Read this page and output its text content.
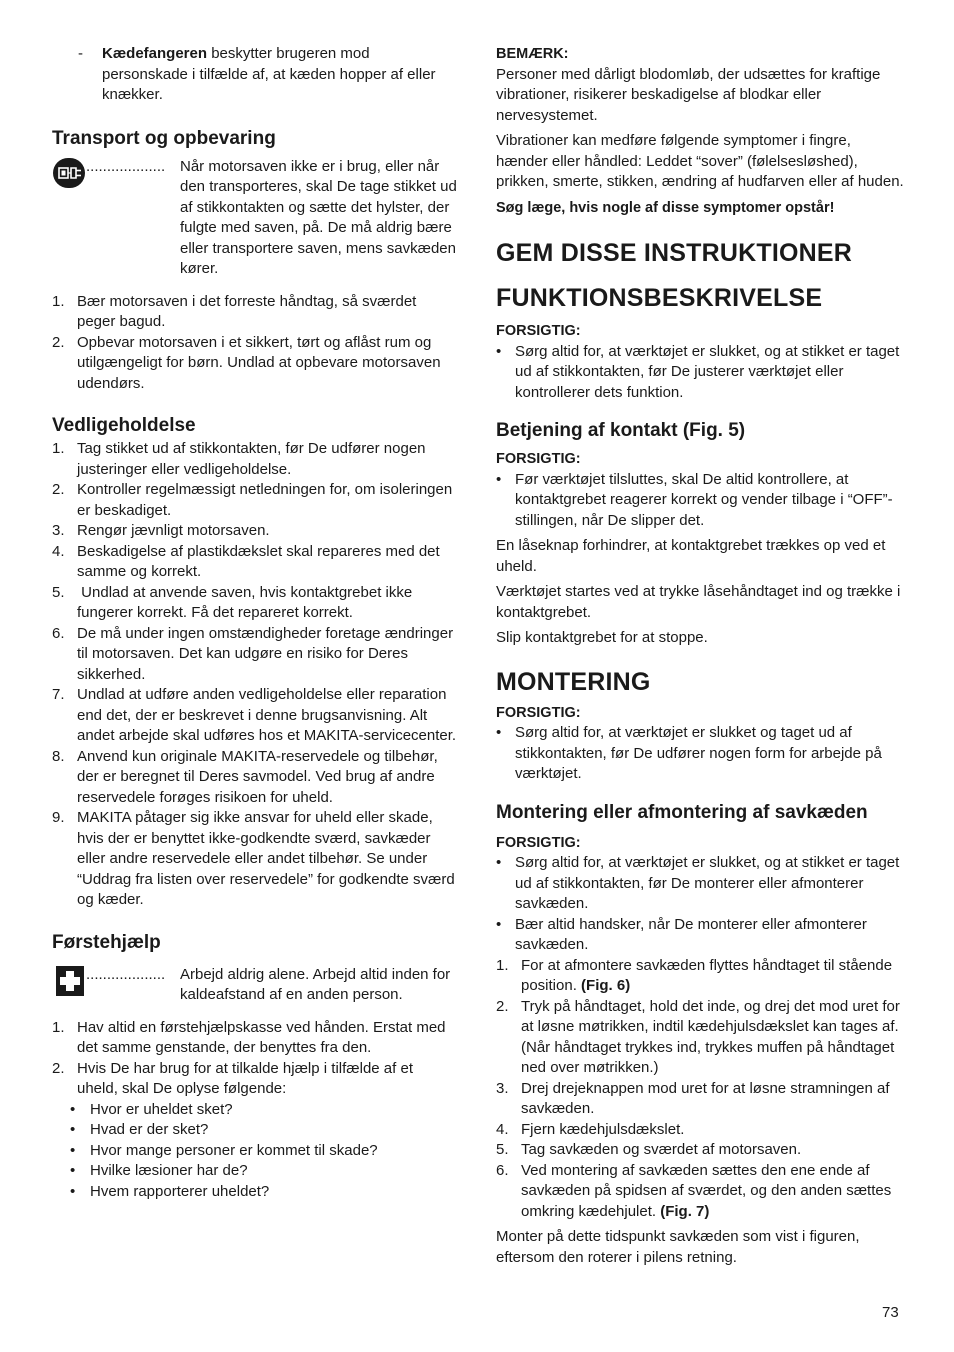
-	Kædefangeren beskytter brugeren mod personskade i tilfælde af, at kæden hopper af eller knækker.
Transport og opbevaring
................... Når motorsaven ikke er i brug, eller når den transporteres, skal De tage stikket ud af stikkontakten og sætte det hylster, der fulgte med saven, på. De må aldrig bære eller transportere saven, mens savkæden kører.
1. Bær motorsaven i det forreste håndtag, så sværdet peger bagud.
2. Opbevar motorsaven i et sikkert, tørt og aflåst rum og utilgængeligt for børn. Undlad at opbevare motorsaven udendørs.
Vedligeholdelse
1. Tag stikket ud af stikkontakten, før De udfører nogen justeringer eller vedligeholdelse.
2. Kontroller regelmæssigt netledningen for, om isoleringen er beskadiget.
3. Rengør jævnligt motorsaven.
4. Beskadigelse af plastikdækslet skal repareres med det samme og korrekt.
5. Undlad at anvende saven, hvis kontaktgrebet ikke fungerer korrekt. Få det repareret korrekt.
6. De må under ingen omstændigheder foretage ændringer til motorsaven. Det kan udgøre en risiko for Deres sikkerhed.
7. Undlad at udføre anden vedligeholdelse eller reparation end det, der er beskrevet i denne brugsanvisning. Alt andet arbejde skal udføres hos et MAKITA-servicecenter.
8. Anvend kun originale MAKITA-reservedele og tilbehør, der er beregnet til Deres savmodel. Ved brug af andre reservedele forøges risikoen for uheld.
9. MAKITA påtager sig ikke ansvar for uheld eller skade, hvis der er benyttet ikke-godkendte sværd, savkæder eller andre reservedele eller andet tilbehør. Se under “Uddrag fra listen over reservedele” for godkendte sværd og kæder.
Førstehjælp
................... Arbejd aldrig alene. Arbejd altid inden for kaldeafstand af en anden person.
1. Hav altid en førstehjælpskasse ved hånden. Erstat med det samme genstande, der benyttes fra den.
2. Hvis De har brug for at tilkalde hjælp i tilfælde af et uheld, skal De oplyse følgende:
• Hvor er uheldet sket?
• Hvad er der sket?
• Hvor mange personer er kommet til skade?
• Hvilke læsioner har de?
• Hvem rapporterer uheldet?

BEMÆRK:

Personer med dårligt blodomløb, der udsættes for kraftige vibrationer, risikerer beskadigelse af blodkar eller nervesystemet.

Vibrationer kan medføre følgende symptomer i fingre, hænder eller håndled: Leddet “sover” (følelsesløshed), prikken, smerte, stikken, ændring af hudfarven eller af huden.

Søg læge, hvis nogle af disse symptomer opstår!

GEM DISSE INSTRUKTIONER
FUNKTIONSBESKRIVELSE

FORSIGTIG:

• Sørg altid for, at værktøjet er slukket, og at stikket er taget ud af stikkontakten, før De justerer værktøjet eller kontrollerer dets funktion.
Betjening af kontakt (Fig. 5)

FORSIGTIG:

• Før værktøjet tilsluttes, skal De altid kontrollere, at kontaktgrebet reagerer korrekt og vender tilbage i “OFF”-stillingen, når De slipper det.

En låseknap forhindrer, at kontaktgrebet trækkes op ved et uheld.

Værktøjet startes ved at trykke låsehåndtaget ind og trække i kontaktgrebet.

Slip kontaktgrebet for at stoppe.

MONTERING

FORSIGTIG:

• Sørg altid for, at værktøjet er slukket og taget ud af stikkontakten, før De udfører nogen form for arbejde på værktøjet.
Montering eller afmontering af savkæden

FORSIGTIG:

• Sørg altid for, at værktøjet er slukket, og at stikket er taget ud af stikkontakten, før De monterer eller afmonterer savkæden.
• Bær altid handsker, når De monterer eller afmonterer savkæden.
1. For at afmontere savkæden flyttes håndtaget til stående position. (Fig. 6)
2. Tryk på håndtaget, hold det inde, og drej det mod uret for at løsne møtrikken, indtil kædehjulsdækslet kan tages af. (Når håndtaget trykkes ind, trykkes muffen på håndtaget ned over møtrikken.)
3. Drej drejeknappen mod uret for at løsne stramningen af savkæden.
4. Fjern kædehjulsdækslet.
5. Tag savkæden og sværdet af motorsaven.
6. Ved montering af savkæden sættes den ene ende af savkæden på spidsen af sværdet, og den anden sættes omkring kædehjulet. (Fig. 7)

Monter på dette tidspunkt savkæden som vist i figuren, eftersom den roterer i pilens retning.

73
